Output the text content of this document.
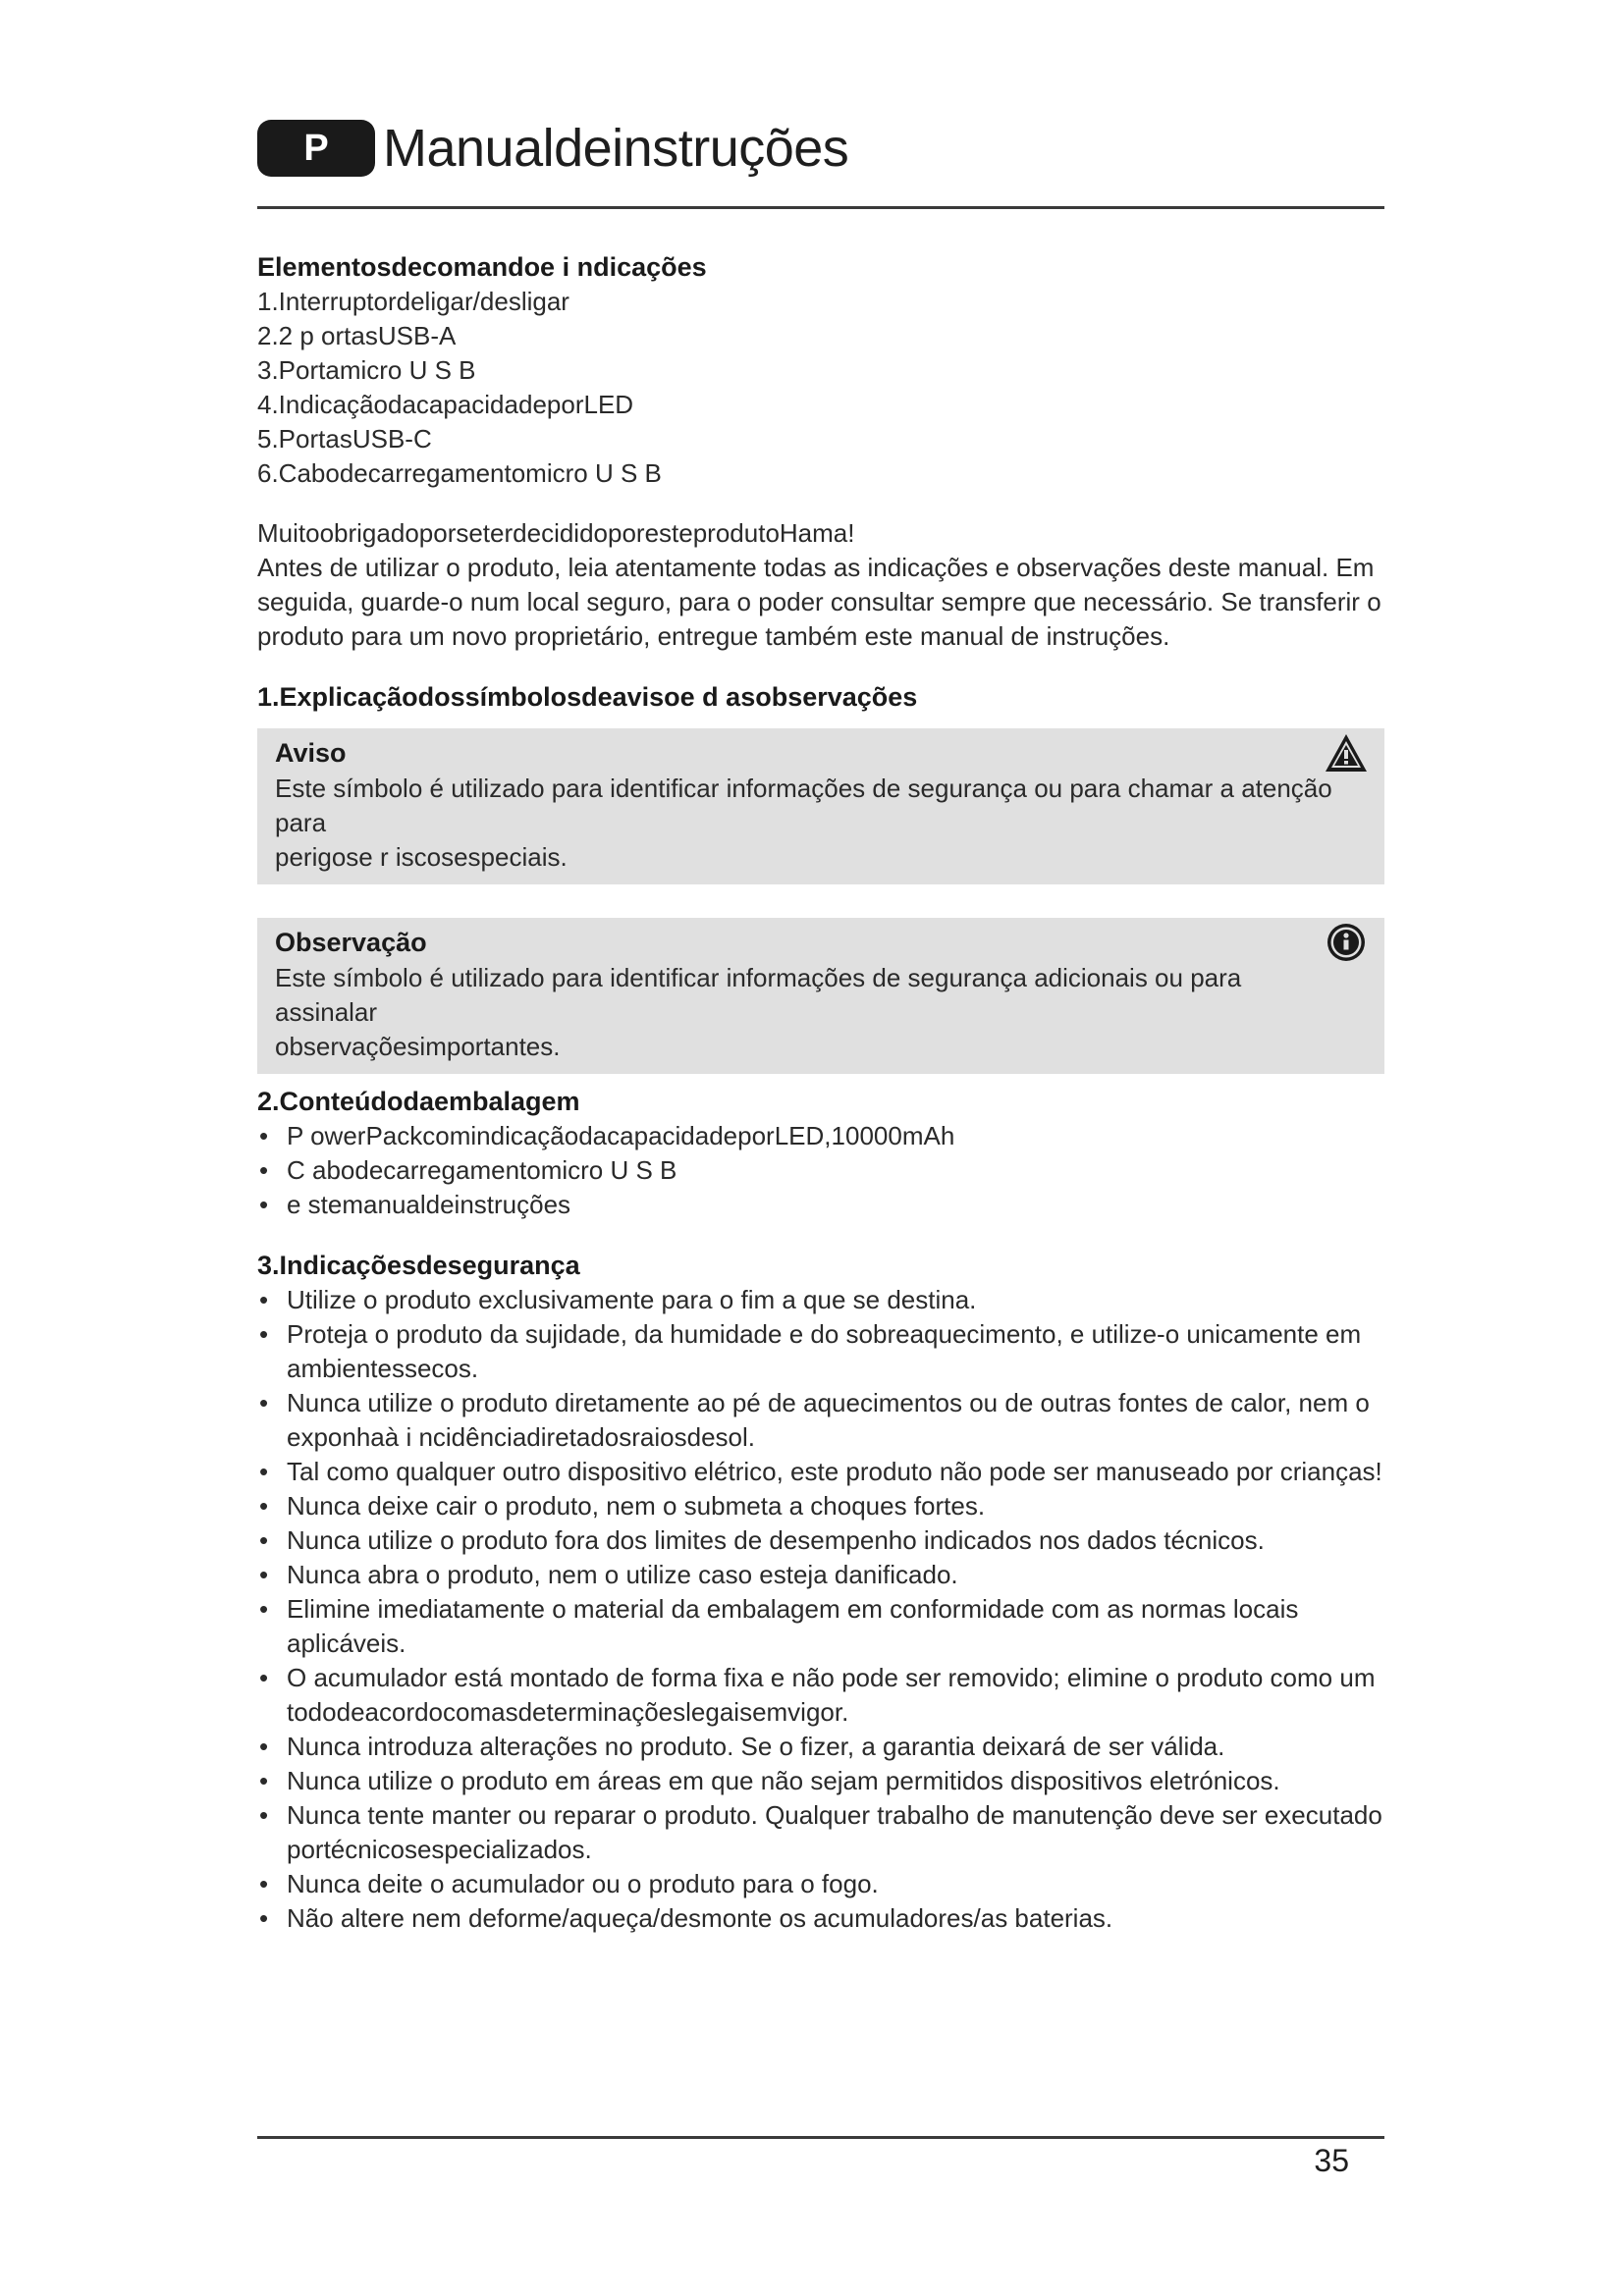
P	Manualdeinstruções

Elementosdecomandoe i ndicações

1.Interruptordeligar/desligar

2.2 p ortasUSB-A

3.Portamicro U S B

4.IndicaçãodacapacidadeporLED

5.PortasUSB-C

6.Cabodecarregamentomicro U S B

MuitoobrigadoporseterdecididoporesteprodutoHama!

Antes de utilizar o produto, leia atentamente todas as indicações e observações deste manual. Em

seguida, guarde-o num local seguro, para o poder consultar sempre que necessário. Se transferir o

produto para um novo proprietário, entregue também este manual de instruções.

1.Explicaçãodossímbolosdeavisoe d asobservações

Aviso

Este símbolo é utilizado para identificar informações de segurança ou para chamar a atenção para

perigose r iscosespeciais.

Observação

Este símbolo é utilizado para identificar informações de segurança adicionais ou para assinalar

observaçõesimportantes.

2.Conteúdodaembalagem

• P owerPackcomindicaçãodacapacidadeporLED,10000mAh
• C abodecarregamentomicro U S B
• e stemanualdeinstruções

3.Indicaçõesdesegurança

• Utilize o produto exclusivamente para o fim a que se destina.
• Proteja o produto da sujidade, da humidade e do sobreaquecimento, e utilize-o unicamente em
ambientessecos.
• Nunca utilize o produto diretamente ao pé de aquecimentos ou de outras fontes de calor, nem o
exponhaà i ncidênciadiretadosraiosdesol.
• Tal como qualquer outro dispositivo elétrico, este produto não pode ser manuseado por crianças!
• Nunca deixe cair o produto, nem o submeta a choques fortes.
• Nunca utilize o produto fora dos limites de desempenho indicados nos dados técnicos.
• Nunca abra o produto, nem o utilize caso esteja danificado.
• Elimine imediatamente o material da embalagem em conformidade com as normas locais
aplicáveis.
• O acumulador está montado de forma fixa e não pode ser removido; elimine o produto como um
tododeacordocomasdeterminaçõeslegaisemvigor.
• Nunca introduza alterações no produto. Se o fizer, a garantia deixará de ser válida.
• Nunca utilize o produto em áreas em que não sejam permitidos dispositivos eletrónicos.
• Nunca tente manter ou reparar o produto. Qualquer trabalho de manutenção deve ser executado
portécnicosespecializados.
• Nunca deite o acumulador ou o produto para o fogo.
• Não altere nem deforme/aqueça/desmonte os acumuladores/as baterias.
35
